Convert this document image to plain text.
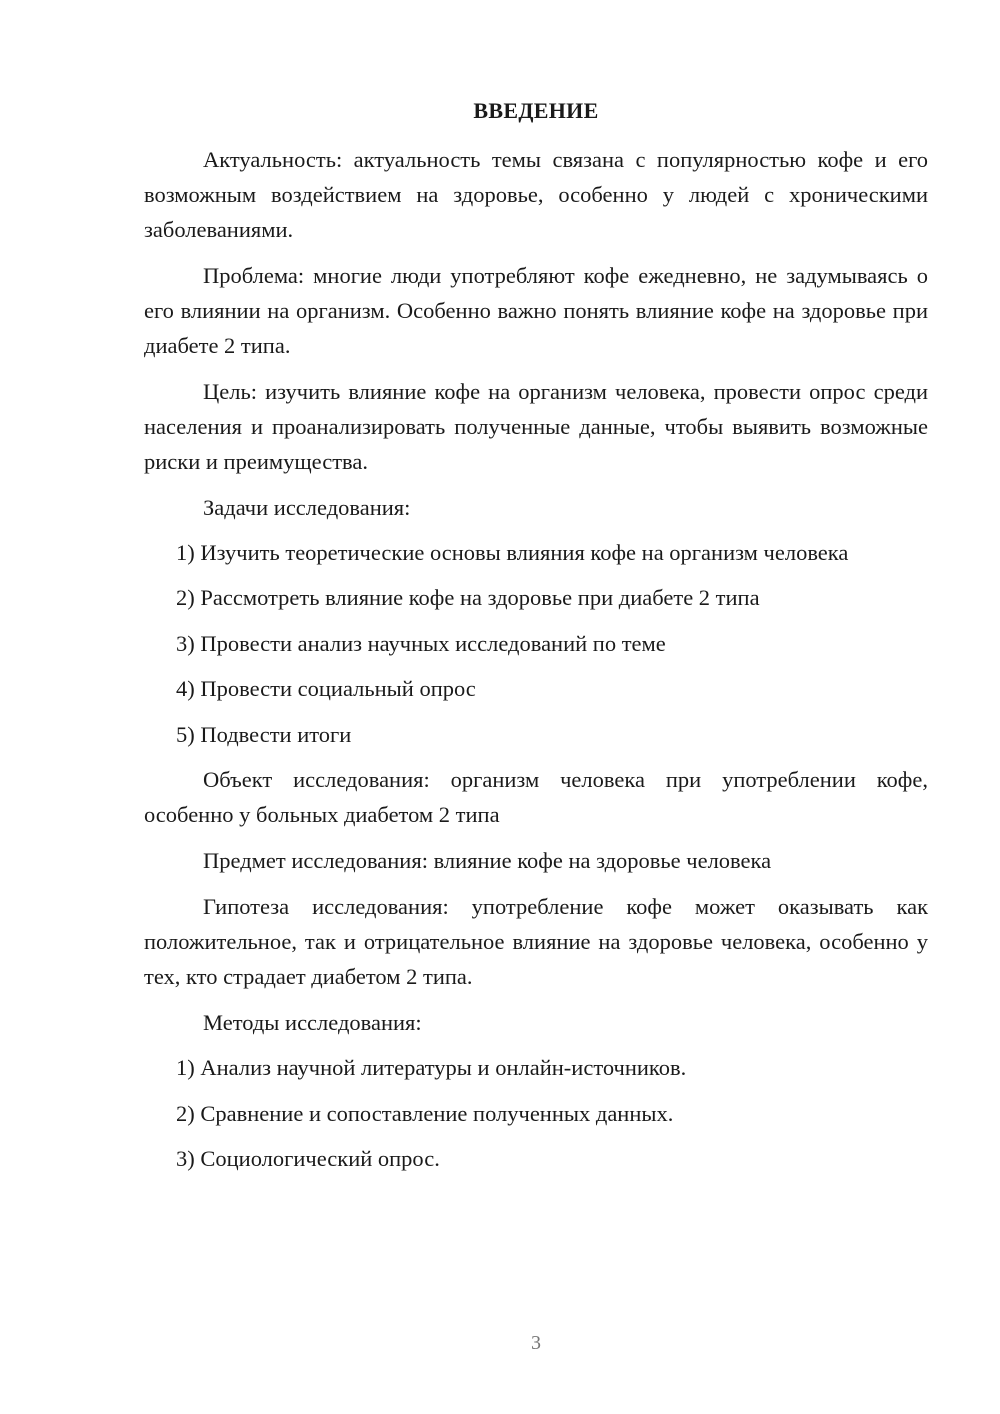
ВВЕДЕНИЕ

Актуальность: актуальность темы связана с популярностью кофе и его возможным воздействием на здоровье, особенно у людей с хроническими заболеваниями.

Проблема: многие люди употребляют кофе ежедневно, не задумываясь о его влиянии на организм. Особенно важно понять влияние кофе на здоровье при диабете 2 типа.

Цель: изучить влияние кофе на организм человека, провести опрос среди населения и проанализировать полученные данные, чтобы выявить возможные риски и преимущества.

Задачи исследования:

1) Изучить теоретические основы влияния кофе на организм человека

2) Рассмотреть влияние кофе на здоровье при диабете 2 типа

3) Провести анализ научных исследований по теме

4) Провести социальный опрос

5) Подвести итоги

Объект исследования: организм человека при употреблении кофе, особенно у больных диабетом 2 типа

Предмет исследования: влияние кофе на здоровье человека

Гипотеза исследования: употребление кофе может оказывать как положительное, так и отрицательное влияние на здоровье человека, особенно у тех, кто страдает диабетом 2 типа.

Методы исследования:

1) Анализ научной литературы и онлайн-источников.

2) Сравнение и сопоставление полученных данных.

3) Социологический опрос.

3
